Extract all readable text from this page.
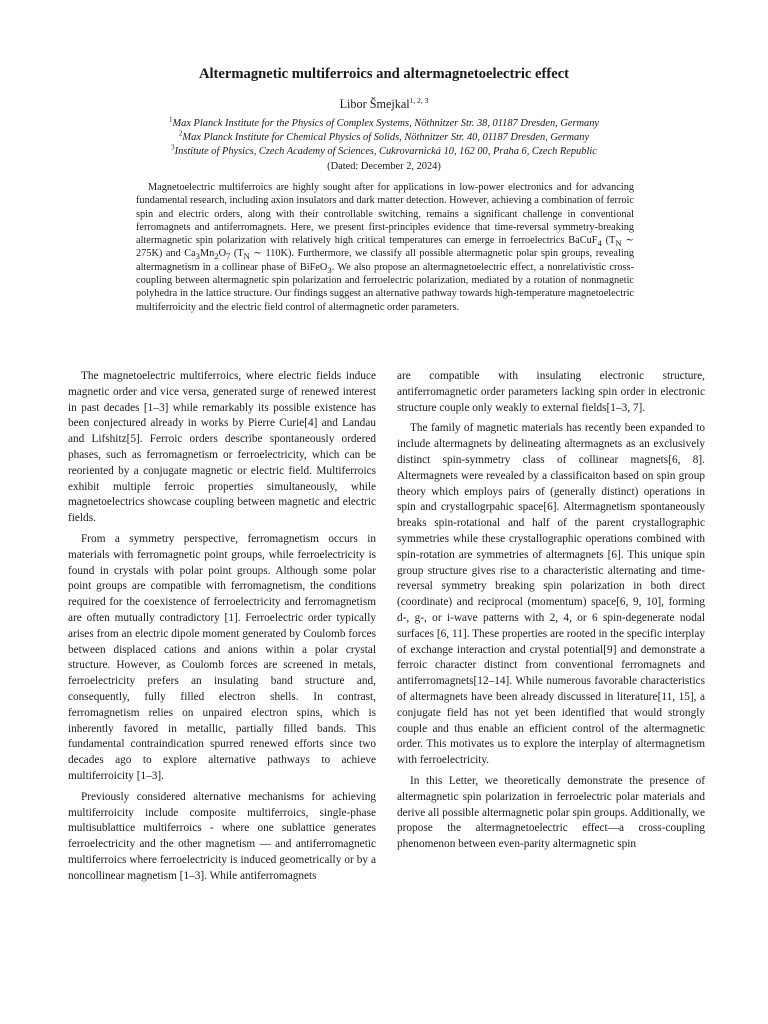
Altermagnetic multiferroics and altermagnetoelectric effect
Libor Šmejkal$^{1, 2, 3}$
$^1$Max Planck Institute for the Physics of Complex Systems, Nöthnitzer Str. 38, 01187 Dresden, Germany
$^2$Max Planck Institute for Chemical Physics of Solids, Nöthnitzer Str. 40, 01187 Dresden, Germany
$^3$Institute of Physics, Czech Academy of Sciences, Cukrovarnická 10, 162 00, Praha 6, Czech Republic
(Dated: December 2, 2024)

Magnetoelectric multiferroics are highly sought after for applications in low-power electronics and for advancing fundamental research, including axion insulators and dark matter detection. However, achieving a combination of ferroic spin and electric orders, along with their controllable switching, remains a significant challenge in conventional ferromagnets and antiferromagnets. Here, we present first-principles evidence that time-reversal symmetry-breaking altermagnetic spin polarization with relatively high critical temperatures can emerge in ferroelectrics BaCuF$_4$ ($T_N$ ∼ 275K) and $Ca_3Mn_2O_7$ ($T_N$ ∼ 110K). Furthermore, we classify all possible altermagnetic polar spin groups, revealing altermagnetism in a collinear phase of BiFeO$_3$. We also propose an altermagnetoelectric effect, a nonrelativistic cross-coupling between altermagnetic spin polarization and ferroelectric polarization, mediated by a rotation of nonmagnetic polyhedra in the lattice structure. Our findings suggest an alternative pathway towards high-temperature magnetoelectric multiferroicity and the electric field control of altermagnetic order parameters.

The magnetoelectric multiferroics, where electric fields induce magnetic order and vice versa, generated surge of renewed interest in past decades [1–3] while remarkably its possible existence has been conjectured already in works by Pierre Curie[4] and Landau and Lifshitz[5]. Ferroic orders describe spontaneously ordered phases, such as ferromagnetism or ferroelectricity, which can be reoriented by a conjugate magnetic or electric field. Multiferroics exhibit multiple ferroic properties simultaneously, while magnetoelectrics showcase coupling between magnetic and electric fields.

From a symmetry perspective, ferromagnetism occurs in materials with ferromagnetic point groups, while ferroelectricity is found in crystals with polar point groups. Although some polar point groups are compatible with ferromagnetism, the conditions required for the coexistence of ferroelectricity and ferromagnetism are often mutually contradictory [1]. Ferroelectric order typically arises from an electric dipole moment generated by Coulomb forces between displaced cations and anions within a polar crystal structure. However, as Coulomb forces are screened in metals, ferroelectricity prefers an insulating band structure and, consequently, fully filled electron shells. In contrast, ferromagnetism relies on unpaired electron spins, which is inherently favored in metallic, partially filled bands. This fundamental contraindication spurred renewed efforts since two decades ago to explore alternative pathways to achieve multiferroicity [1–3].

Previously considered alternative mechanisms for achieving multiferroicity include composite multiferroics, single-phase multisublattice multiferroics - where one sublattice generates ferroelectricity and the other magnetism — and antiferromagnetic multiferroics where ferroelectricity is induced geometrically or by a noncollinear magnetism [1–3]. While antiferromagnets

are compatible with insulating electronic structure, antiferromagnetic order parameters lacking spin order in electronic structure couple only weakly to external fields[1–3, 7].

The family of magnetic materials has recently been expanded to include altermagnets by delineating altermagnets as an exclusively distinct spin-symmetry class of collinear magnets[6, 8]. Altermagnets were revealed by a classificaiton based on spin group theory which employs pairs of (generally distinct) operations in spin and crystallogrpahic space[6]. Altermagnetism spontaneously breaks spin-rotational and half of the parent crystallographic symmetries while these crystallographic operations combined with spin-rotation are symmetries of altermagnets [6]. This unique spin group structure gives rise to a characteristic alternating and time-reversal symmetry breaking spin polarization in both direct (coordinate) and reciprocal (momentum) space[6, 9, 10], forming d-, g-, or i-wave patterns with 2, 4, or 6 spin-degenerate nodal surfaces [6, 11]. These properties are rooted in the specific interplay of exchange interaction and crystal potential[9] and demonstrate a ferroic character distinct from conventional ferromagnets and antiferromagnets[12–14]. While numerous favorable characteristics of altermagnets have been already discussed in literature[11, 15], a conjugate field has not yet been identified that would strongly couple and thus enable an efficient control of the altermagnetic order. This motivates us to explore the interplay of altermagnetism with ferroelectricity.

In this Letter, we theoretically demonstrate the presence of altermagnetic spin polarization in ferroelectric polar materials and derive all possible altermagnetic polar spin groups. Additionally, we propose the altermagnetoelectric effect—a cross-coupling phenomenon between even-parity altermagnetic spin
